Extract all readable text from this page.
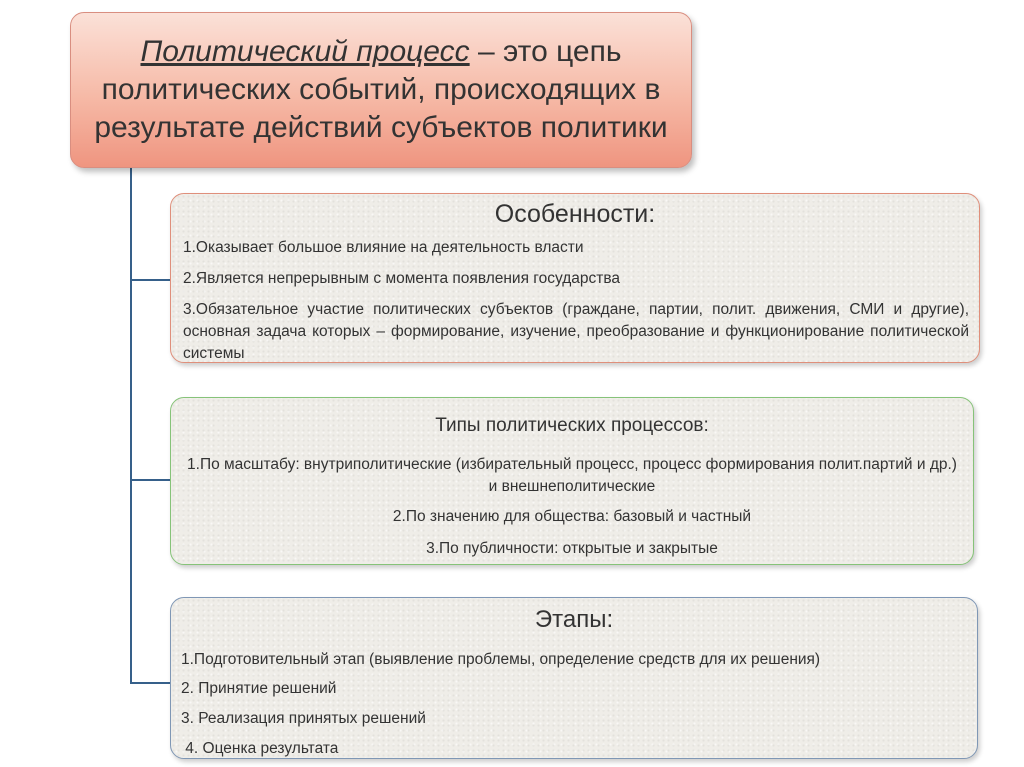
Политический процесс – это цепь политических событий, происходящих в результате действий субъектов политики
Особенности:
1.Оказывает большое влияние на деятельность власти
2.Является непрерывным с момента появления государства
3.Обязательное участие политических субъектов (граждане, партии, полит. движения, СМИ и другие), основная задача которых – формирование, изучение, преобразование и функционирование политической системы
Типы политических процессов:
1.По масштабу: внутриполитические (избирательный процесс, процесс формирования полит.партий и др.) и внешнеполитические
2.По значению для общества: базовый и частный
3.По публичности: открытые и закрытые
Этапы:
1.Подготовительный этап (выявление проблемы, определение средств для их решения)
2. Принятие решений
3. Реализация принятых решений
4. Оценка результата
